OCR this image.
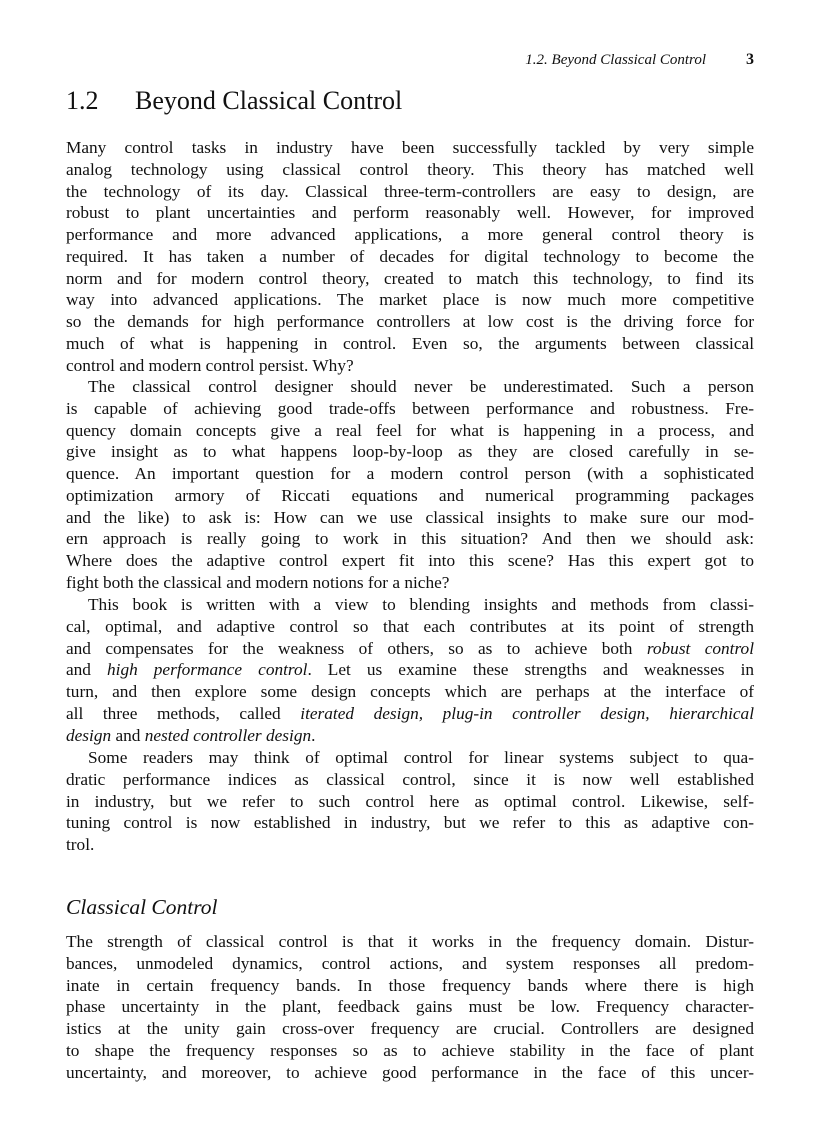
1.2. Beyond Classical Control	3
1.2 Beyond Classical Control
Many control tasks in industry have been successfully tackled by very simple
analog technology using classical control theory. This theory has matched well
the technology of its day. Classical three-term-controllers are easy to design, are
robust to plant uncertainties and perform reasonably well. However, for improved
performance and more advanced applications, a more general control theory is
required. It has taken a number of decades for digital technology to become the
norm and for modern control theory, created to match this technology, to find its
way into advanced applications. The market place is now much more competitive
so the demands for high performance controllers at low cost is the driving force for
much of what is happening in control. Even so, the arguments between classical
control and modern control persist. Why?
The classical control designer should never be underestimated. Such a person
is capable of achieving good trade-offs between performance and robustness. Fre-
quency domain concepts give a real feel for what is happening in a process, and
give insight as to what happens loop-by-loop as they are closed carefully in se-
quence. An important question for a modern control person (with a sophisticated
optimization armory of Riccati equations and numerical programming packages
and the like) to ask is: How can we use classical insights to make sure our mod-
ern approach is really going to work in this situation? And then we should ask:
Where does the adaptive control expert fit into this scene? Has this expert got to
fight both the classical and modern notions for a niche?
This book is written with a view to blending insights and methods from classi-
cal, optimal, and adaptive control so that each contributes at its point of strength
and compensates for the weakness of others, so as to achieve both robust control
and high performance control. Let us examine these strengths and weaknesses in
turn, and then explore some design concepts which are perhaps at the interface of
all three methods, called iterated design, plug-in controller design, hierarchical
design and nested controller design.
Some readers may think of optimal control for linear systems subject to qua-
dratic performance indices as classical control, since it is now well established
in industry, but we refer to such control here as optimal control. Likewise, self-
tuning control is now established in industry, but we refer to this as adaptive con-
trol.
Classical Control
The strength of classical control is that it works in the frequency domain. Distur-
bances, unmodeled dynamics, control actions, and system responses all predom-
inate in certain frequency bands. In those frequency bands where there is high
phase uncertainty in the plant, feedback gains must be low. Frequency character-
istics at the unity gain cross-over frequency are crucial. Controllers are designed
to shape the frequency responses so as to achieve stability in the face of plant
uncertainty, and moreover, to achieve good performance in the face of this uncer-
